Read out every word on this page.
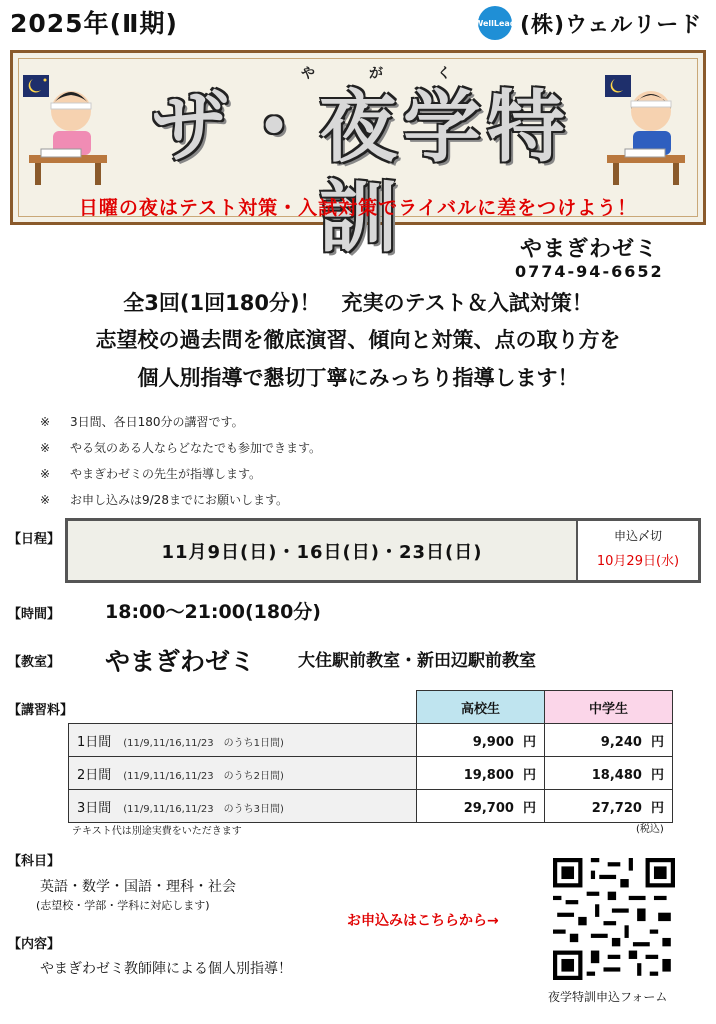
2025年(Ⅱ期)	WellLead (株)ウェルリード
や	が	く
ザ・夜学特訓
日曜の夜はテスト対策・入試対策でライバルに差をつけよう！
やまぎわゼミ
0774-94-6652
全3回(1回180分)！　充実のテスト＆入試対策！
志望校の過去問を徹底演習、傾向と対策、点の取り方を
個人別指導で懇切丁寧にみっちり指導します！
※ 3日間、各日180分の講習です。
※ やる気のある人ならどなたでも参加できます。
※ やまぎわゼミの先生が指導します。
※ お申し込みは9/28までにお願いします。
【日程】
11月9日(日)・16日(日)・23日(日)
申込〆切
10月29日(水)
【時間】 18:00～21:00(180分)
【教室】 やまぎわゼミ	大住駅前教室・新田辺駅前教室
【講習料】
		高校生	中学生
1日間 (11/9,11/16,11/23　のうち1日間)	9,900 円	9,240 円
2日間 (11/9,11/16,11/23　のうち2日間)	19,800 円	18,480 円
3日間 (11/9,11/16,11/23　のうち3日間)	29,700 円	27,720 円
テキスト代は別途実費をいただきます	(税込)
【科目】
英語・数学・国語・理科・社会
(志望校・学部・学科に対応します)
【内容】
やまぎわゼミ教師陣による個人別指導！
お申込みはこちらから→
夜学特訓申込フォーム
